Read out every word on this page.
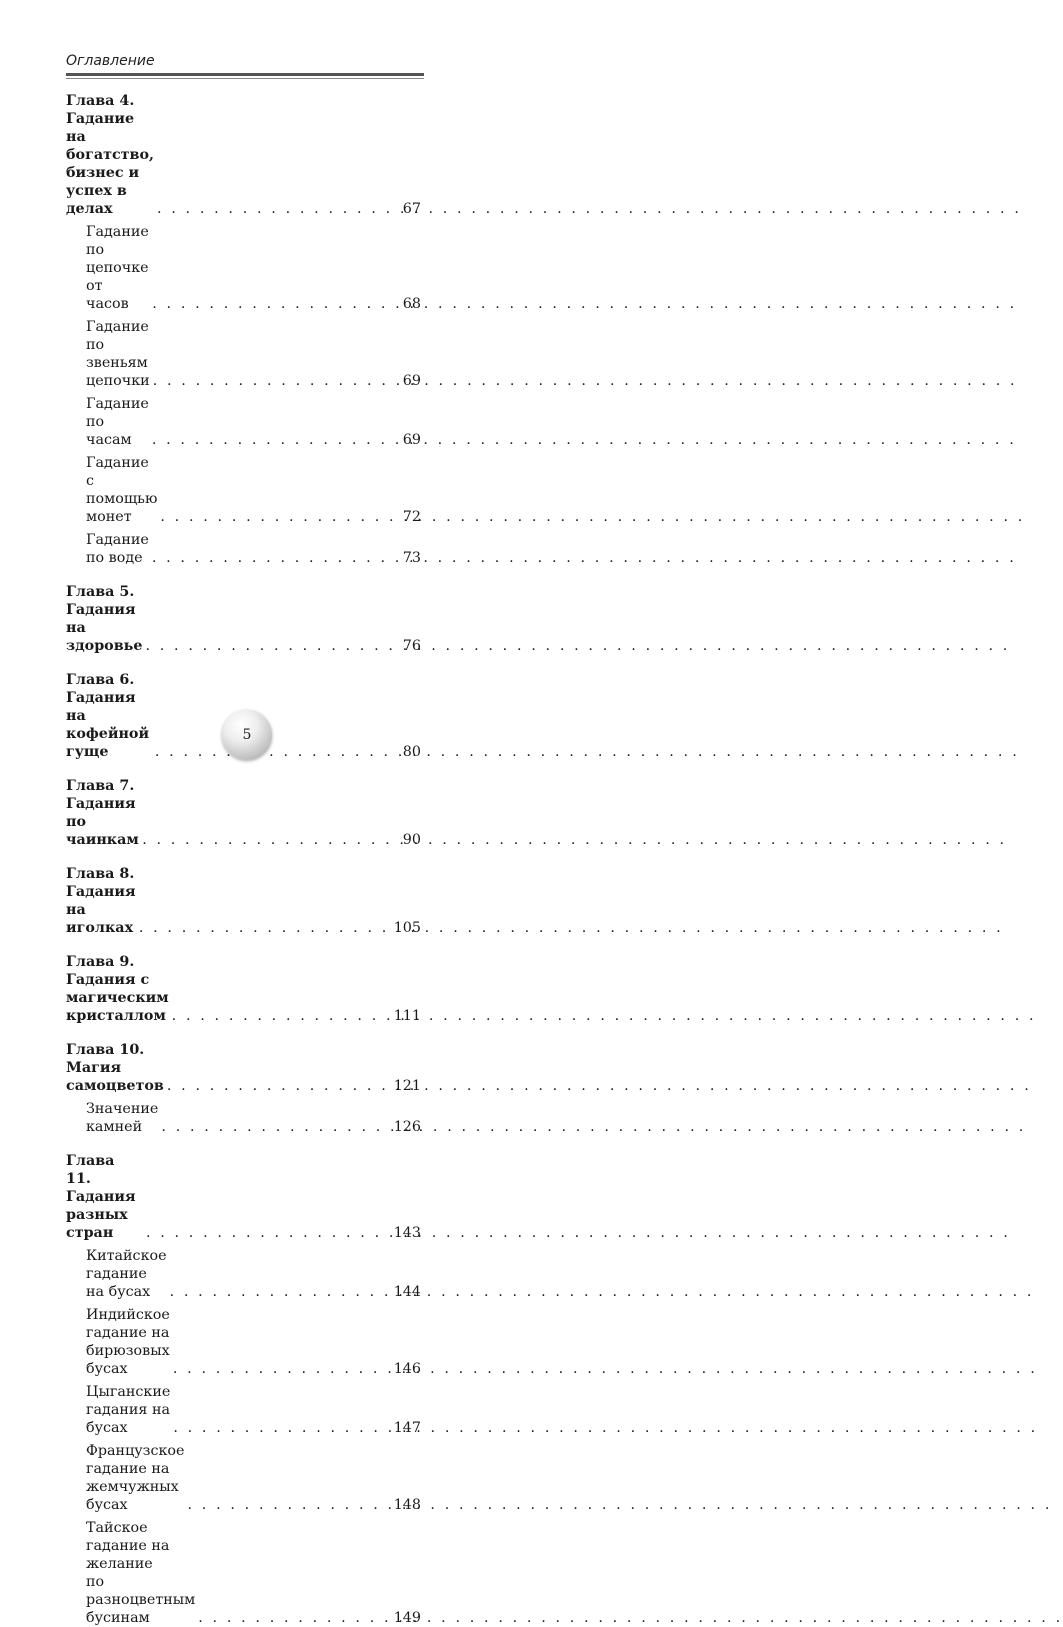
Оглавление
Глава 4. Гадание на богатство,
бизнес и успех в делах . . .	67
Гадание по цепочке от часов . . .	68
Гадание по звеньям цепочки . . .	69
Гадание по часам . . .	69
Гадание с помощью монет . . .	72
Гадание по воде . . .	73
Глава 5. Гадания на здоровье . . .	76
Глава 6. Гадания на кофейной гуще . . .	80
Глава 7. Гадания по чаинкам . . .	90
Глава 8. Гадания на иголках . . .	105
Глава 9. Гадания с магическим
кристаллом . . .	111
Глава 10. Магия самоцветов . . .	121
Значение камней . . .	126
Глава 11. Гадания разных стран . . .	143
Китайское гадание на бусах . . .	144
Индийское гадание на бирюзовых
бусах . . .	146
Цыганские гадания на бусах . . .	147
Французское гадание на жемчужных
бусах . . .	148
Тайское гадание на желание
по разноцветным бусинам . . .	149
5
